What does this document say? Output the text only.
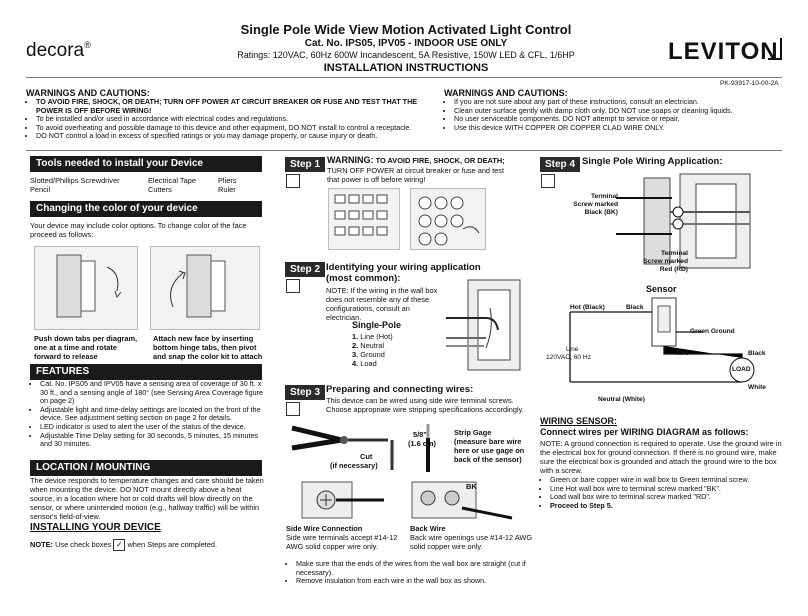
decora®
Single Pole Wide View Motion Activated Light Control
Cat. No. IPS05, IPV05 - INDOOR USE ONLY
Ratings: 120VAC, 60Hz 600W Incandescent, 5A Resistive, 150W LED & CFL, 1/6HP
INSTALLATION INSTRUCTIONS
LEVITON
PK-93917-10-00-2A
WARNINGS AND CAUTIONS:
• TO AVOID FIRE, SHOCK, OR DEATH; TURN OFF POWER AT CIRCUIT BREAKER OR FUSE AND TEST THAT THE POWER IS OFF BEFORE WIRING!
• To be installed and/or used in accordance with electrical codes and regulations.
• To avoid overheating and possible damage to this device and other equipment, DO NOT install to control a receptacle.
• DO NOT control a load in excess of specified ratings or you may damage property, or cause injury or death.
WARNINGS AND CAUTIONS:
• If you are not sure about any part of these instructions, consult an electrician.
• Clean outer surface gently with damp cloth only. DO NOT use soaps or cleaning liquids.
• No user serviceable components. DO NOT attempt to service or repair.
• Use this device WITH COPPER OR COPPER CLAD WIRE ONLY.
Tools needed to install your Device
Slotted/Phillips Screwdriver
Pencil
Electrical Tape
Cutters
Pliers
Ruler
Changing the color of your device
Your device may include color options. To change color of the face proceed as follows:
Push down tabs per diagram, one at a time and rotate forward to release
Attach new face by inserting bottom hinge tabs, then pivot and snap the color kit to attach
FEATURES
• Cat. No. IPS05 and IPV05 have a sensing area of coverage of 30 ft. x 30 ft., and a sensing angle of 180° (see Sensing Area Coverage figure on page 2)
• Adjustable light and time-delay settings are located on the front of the device. See adjustment setting section on page 2 for details.
• LED indicator is used to alert the user of the status of the device.
• Adjustable Time Delay setting for 30 seconds, 5 minutes, 15 minutes and 30 minutes.
LOCATION / MOUNTING
The device responds to temperature changes and care should be taken when mounting the device. DO NOT mount directly above a heat source, in a location where hot or cold drafts will blow directly on the sensor, or where unintended motion (e.g., hallway traffic) will be within sensor's field-of-view.
INSTALLING YOUR DEVICE
NOTE: Use check boxes ✓ when Steps are completed.
Step 1 WARNING: TO AVOID FIRE, SHOCK, OR DEATH;
TURN OFF POWER at circuit breaker or fuse and test
that power is off before wiring!
Step 2 Identifying your wiring application
(most common):
NOTE: If the wiring in the wall box does not resemble any of these configurations, consult an electrician.
Single-Pole
1. Line (Hot)
2. Neutral
3. Ground
4. Load
Step 3 Preparing and connecting wires:
This device can be wired using side wire terminal screws. Choose appropriate wire stripping specifications accordingly.
Cut
(if necessary)
5/8"
(1.6 cm)
Strip Gage
(measure bare wire here or use gage on back of the sensor)
BK
Side Wire Connection
Side wire terminals accept #14-12 AWG solid copper wire only.
Back Wire
Back wire openings use #14-12 AWG solid copper wire only.
• Make sure that the ends of the wires from the wall box are straight (cut if necessary).
• Remove insulation from each wire in the wall box as shown.
Step 4 Single Pole Wiring Application:
Terminal Screw marked Black (BK)
Terminal Screw marked Red (RD)
Sensor
Hot (Black)	Black
Green Ground
Red	Black
Line
120VAC, 60 Hz
LOAD
White
Neutral (White)
WIRING SENSOR:
Connect wires per WIRING DIAGRAM as follows:
NOTE: A ground connection is required to operate. Use the ground wire in the electrical box for ground connection. If there is no ground wire, make sure the electrical box is grounded and attach the ground wire to the box with a screw.
• Green or bare copper wire in wall box to Green terminal screw.
• Line Hot wall box wire to terminal screw marked "BK".
• Load wall box wire to terminal screw marked "RD".
• Proceed to Step 5.
